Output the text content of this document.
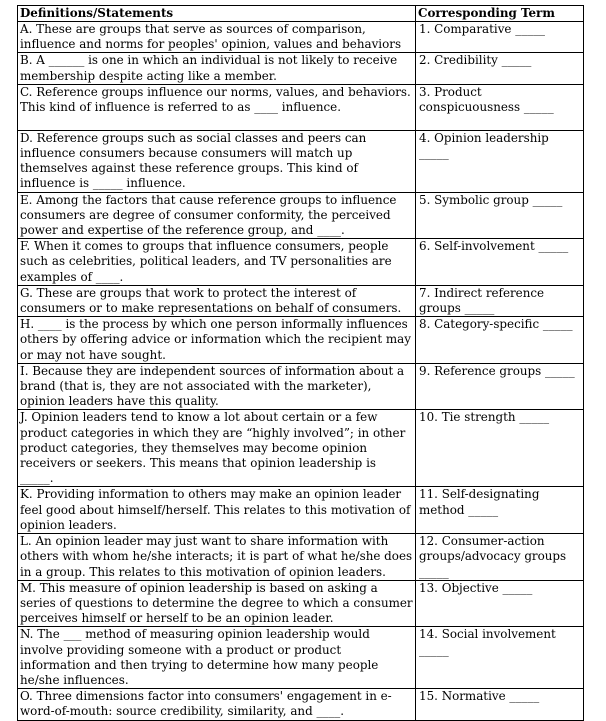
Definitions/Statements	Corresponding Term
A. These are groups that serve as sources of comparison, influence and norms for peoples' opinion, values and behaviors	1. Comparative _____
B. A ______ is one in which an individual is not likely to receive membership despite acting like a member.	2. Credibility _____
C. Reference groups influence our norms, values, and behaviors. This kind of influence is referred to as ____ influence.	3. Product conspicuousness _____
D. Reference groups such as social classes and peers can influence consumers because consumers will match up themselves against these reference groups. This kind of influence is _____ influence.	4. Opinion leadership _____
E. Among the factors that cause reference groups to influence consumers are degree of consumer conformity, the perceived power and expertise of the reference group, and ____.	5. Symbolic group _____
F. When it comes to groups that influence consumers, people such as celebrities, political leaders, and TV personalities are examples of ____.	6. Self-involvement _____
G. These are groups that work to protect the interest of consumers or to make representations on behalf of consumers.	7. Indirect reference groups _____
H. ____ is the process by which one person informally influences others by offering advice or information which the recipient may or may not have sought.	8. Category-specific _____
I. Because they are independent sources of information about a brand (that is, they are not associated with the marketer), opinion leaders have this quality.	9. Reference groups _____
J. Opinion leaders tend to know a lot about certain or a few product categories in which they are “highly involved”; in other product categories, they themselves may become opinion receivers or seekers. This means that opinion leadership is _____.	10. Tie strength _____
K. Providing information to others may make an opinion leader feel good about himself/herself. This relates to this motivation of opinion leaders.	11. Self-designating method _____
L. An opinion leader may just want to share information with others with whom he/she interacts; it is part of what he/she does in a group. This relates to this motivation of opinion leaders.	12. Consumer-action groups/advocacy groups _____
M. This measure of opinion leadership is based on asking a series of questions to determine the degree to which a consumer perceives himself or herself to be an opinion leader.	13. Objective _____
N. The ___ method of measuring opinion leadership would involve providing someone with a product or product information and then trying to determine how many people he/she influences.	14. Social involvement _____
O. Three dimensions factor into consumers' engagement in e-word-of-mouth: source credibility, similarity, and ____.	15. Normative _____
